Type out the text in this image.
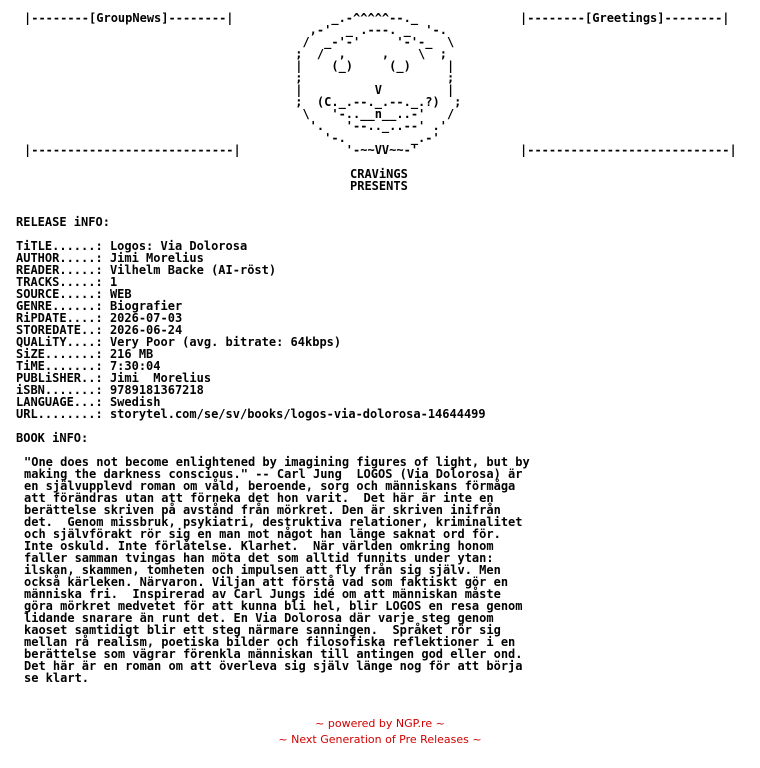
|--------[GroupNews]--------|	|--------[Greetings]--------|
|----------------------------|	|----------------------------|
_.-^^^^^--._
,-'  _ .---. _  '-.
/  _-'-'     '-'-_  \
;  /  ,     ,    \  ;
|    (_)     (_)     |
;                    ;
|          V         |
;  (C._.--._.--._.?)  ;
\   '-..__n__..-'   /
'.   '--.._..--' .'
'-.         _.-'
'-~~VV~~-'
CRAViNGS
PRESENTS
RELEASE iNFO:
TiTLE......: Logos: Via Dolorosa
AUTHOR.....: Jimi Morelius
READER.....: Vilhelm Backe (AI-röst)
TRACKS.....: 1
SOURCE.....: WEB
GENRE......: Biografier
RiPDATE....: 2026-07-03
STOREDATE..: 2026-06-24
QUALiTY....: Very Poor (avg. bitrate: 64kbps)
SiZE.......: 216 MB
TiME.......: 7:30:04
PUBLiSHER..: Jimi  Morelius
iSBN.......: 9789181367218
LANGUAGE...: Swedish
URL........: storytel.com/se/sv/books/logos-via-dolorosa-14644499
BOOK iNFO:
"One does not become enlightened by imagining figures of light, but by
making the darkness conscious." -- Carl Jung  LOGOS (Via Dolorosa) är
en självupplevd roman om våld, beroende, sorg och människans förmåga
att förändras utan att förneka det hon varit.  Det här är inte en
berättelse skriven på avstånd från mörkret. Den är skriven inifrån
det.  Genom missbruk, psykiatri, destruktiva relationer, kriminalitet
och självförakt rör sig en man mot något han länge saknat ord för.
Inte oskuld. Inte förlåtelse. Klarhet.  När världen omkring honom
faller samman tvingas han möta det som alltid funnits under ytan:
ilskan, skammen, tomheten och impulsen att fly från sig själv. Men
också kärleken. Närvaron. Viljan att förstå vad som faktiskt gör en
människa fri.  Inspirerad av Carl Jungs idé om att människan måste
göra mörkret medvetet för att kunna bli hel, blir LOGOS en resa genom
lidande snarare än runt det. En Via Dolorosa där varje steg genom
kaoset samtidigt blir ett steg närmare sanningen.  Språket rör sig
mellan rå realism, poetiska bilder och filosofiska reflektioner i en
berättelse som vägrar förenkla människan till antingen god eller ond.
Det här är en roman om att överleva sig själv länge nog för att börja
se klart.
~ powered by NGP.re ~
~ Next Generation of Pre Releases ~
